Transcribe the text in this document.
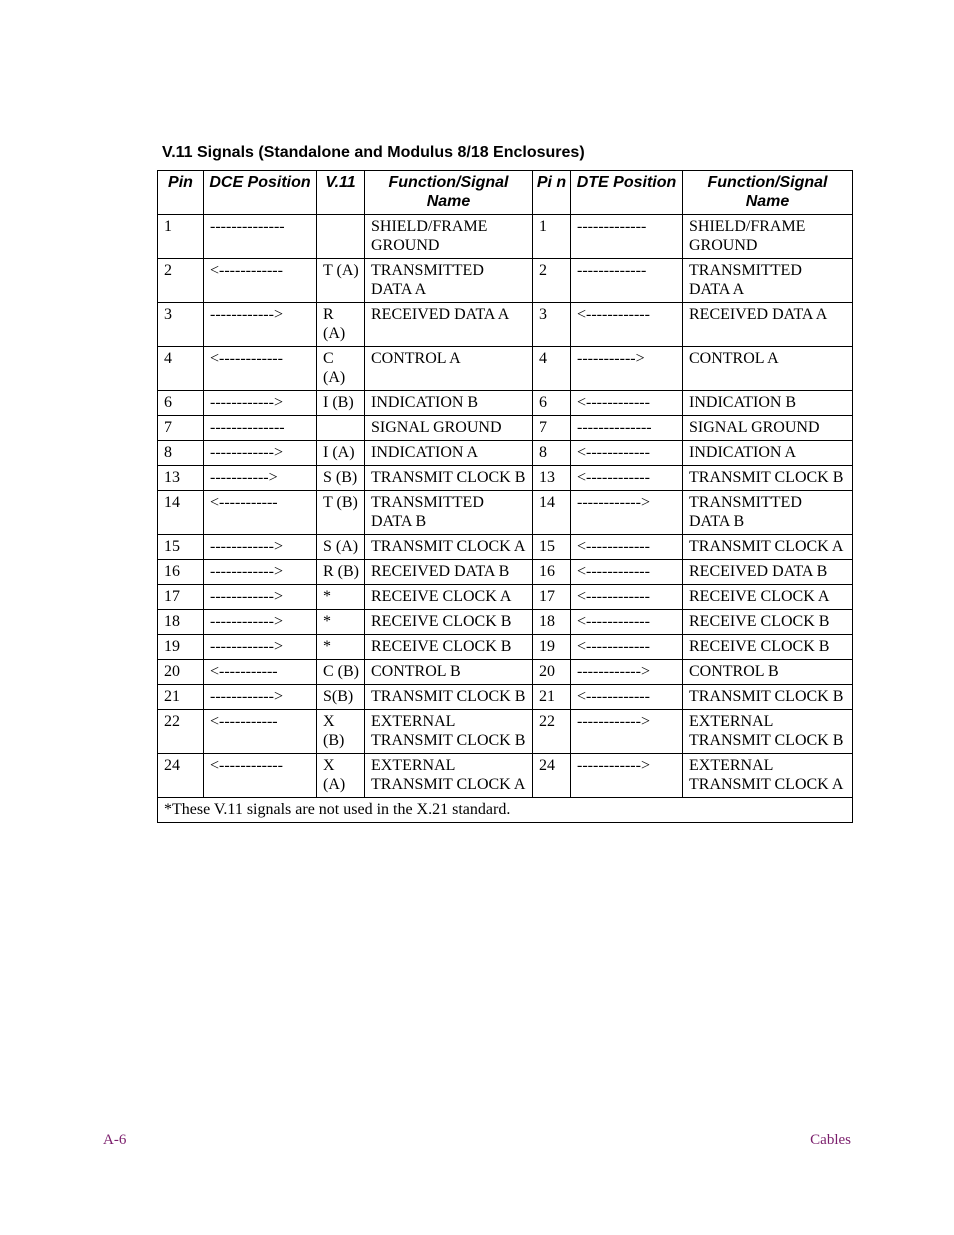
V.11 Signals (Standalone and Modulus 8/18 Enclosures)
Pin	DCE Position	V.11	Function/Signal Name	Pi n	DTE Position	Function/Signal Name
1	--------------		SHIELD/FRAME GROUND	1	-------------	SHIELD/FRAME GROUND
2	<------------	T (A)	TRANSMITTED DATA A	2	-------------	TRANSMITTED DATA A
3	------------>	R (A)	RECEIVED DATA A	3	<------------	RECEIVED DATA A
4	<------------	C (A)	CONTROL A	4	----------->	CONTROL A
6	------------>	I (B)	INDICATION B	6	<------------	INDICATION B
7	--------------		SIGNAL GROUND	7	--------------	SIGNAL GROUND
8	------------>	I (A)	INDICATION A	8	<------------	INDICATION A
13	----------->	S (B)	TRANSMIT CLOCK B	13	<------------	TRANSMIT CLOCK B
14	<-----------	T (B)	TRANSMITTED DATA B	14	------------>	TRANSMITTED DATA B
15	------------>	S (A)	TRANSMIT CLOCK A	15	<------------	TRANSMIT CLOCK A
16	------------>	R (B)	RECEIVED DATA B	16	<------------	RECEIVED DATA B
17	------------>	*	RECEIVE CLOCK A	17	<------------	RECEIVE CLOCK A
18	------------>	*	RECEIVE CLOCK B	18	<------------	RECEIVE CLOCK B
19	------------>	*	RECEIVE CLOCK B	19	<------------	RECEIVE CLOCK B
20	<-----------	C (B)	CONTROL B	20	------------>	CONTROL B
21	------------>	S(B)	TRANSMIT CLOCK B	21	<------------	TRANSMIT CLOCK B
22	<-----------	X (B)	EXTERNAL TRANSMIT CLOCK B	22	------------>	EXTERNAL TRANSMIT CLOCK B
24	<------------	X (A)	EXTERNAL TRANSMIT CLOCK A	24	------------>	EXTERNAL TRANSMIT CLOCK A
*These V.11 signals are not used in the X.21 standard.						
A-6	Cables
